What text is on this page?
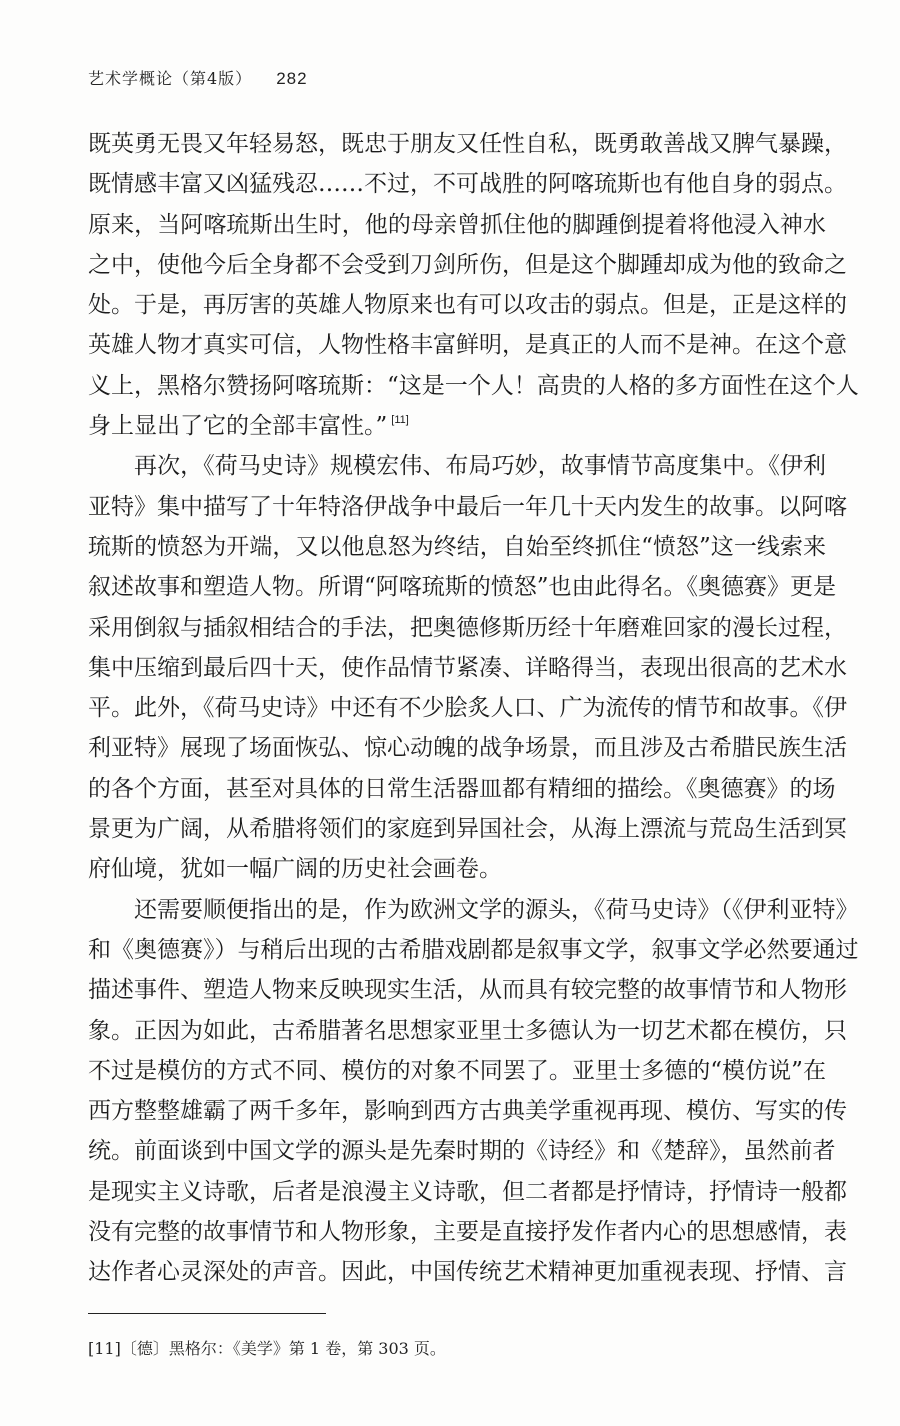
艺术学概论（第4版） 282
既英勇无畏又年轻易怒，既忠于朋友又任性自私，既勇敢善战又脾气暴躁，
既情感丰富又凶猛残忍……不过，不可战胜的阿喀琉斯也有他自身的弱点。
原来，当阿喀琉斯出生时，他的母亲曾抓住他的脚踵倒提着将他浸入神水
之中，使他今后全身都不会受到刀剑所伤，但是这个脚踵却成为他的致命之
处。于是，再厉害的英雄人物原来也有可以攻击的弱点。但是，正是这样的
英雄人物才真实可信，人物性格丰富鲜明，是真正的人而不是神。在这个意
义上，黑格尔赞扬阿喀琉斯：“这是一个人！高贵的人格的多方面性在这个人
身上显出了它的全部丰富性。” [11]
再次，《荷马史诗》规模宏伟、布局巧妙，故事情节高度集中。《伊利
亚特》集中描写了十年特洛伊战争中最后一年几十天内发生的故事。以阿喀
琉斯的愤怒为开端，又以他息怒为终结，自始至终抓住“愤怒”这一线索来
叙述故事和塑造人物。所谓“阿喀琉斯的愤怒”也由此得名。《奥德赛》更是
采用倒叙与插叙相结合的手法，把奥德修斯历经十年磨难回家的漫长过程，
集中压缩到最后四十天，使作品情节紧凑、详略得当，表现出很高的艺术水
平。此外，《荷马史诗》中还有不少脍炙人口、广为流传的情节和故事。《伊
利亚特》展现了场面恢弘、惊心动魄的战争场景，而且涉及古希腊民族生活
的各个方面，甚至对具体的日常生活器皿都有精细的描绘。《奥德赛》的场
景更为广阔，从希腊将领们的家庭到异国社会，从海上漂流与荒岛生活到冥
府仙境，犹如一幅广阔的历史社会画卷。
还需要顺便指出的是，作为欧洲文学的源头，《荷马史诗》（《伊利亚特》
和《奥德赛》）与稍后出现的古希腊戏剧都是叙事文学，叙事文学必然要通过
描述事件、塑造人物来反映现实生活，从而具有较完整的故事情节和人物形
象。正因为如此，古希腊著名思想家亚里士多德认为一切艺术都在模仿，只
不过是模仿的方式不同、模仿的对象不同罢了。亚里士多德的“模仿说”在
西方整整雄霸了两千多年，影响到西方古典美学重视再现、模仿、写实的传
统。前面谈到中国文学的源头是先秦时期的《诗经》和《楚辞》，虽然前者
是现实主义诗歌，后者是浪漫主义诗歌，但二者都是抒情诗，抒情诗一般都
没有完整的故事情节和人物形象，主要是直接抒发作者内心的思想感情，表
达作者心灵深处的声音。因此，中国传统艺术精神更加重视表现、抒情、言
[11]〔德〕黑格尔：《美学》第 1 卷，第 303 页。
